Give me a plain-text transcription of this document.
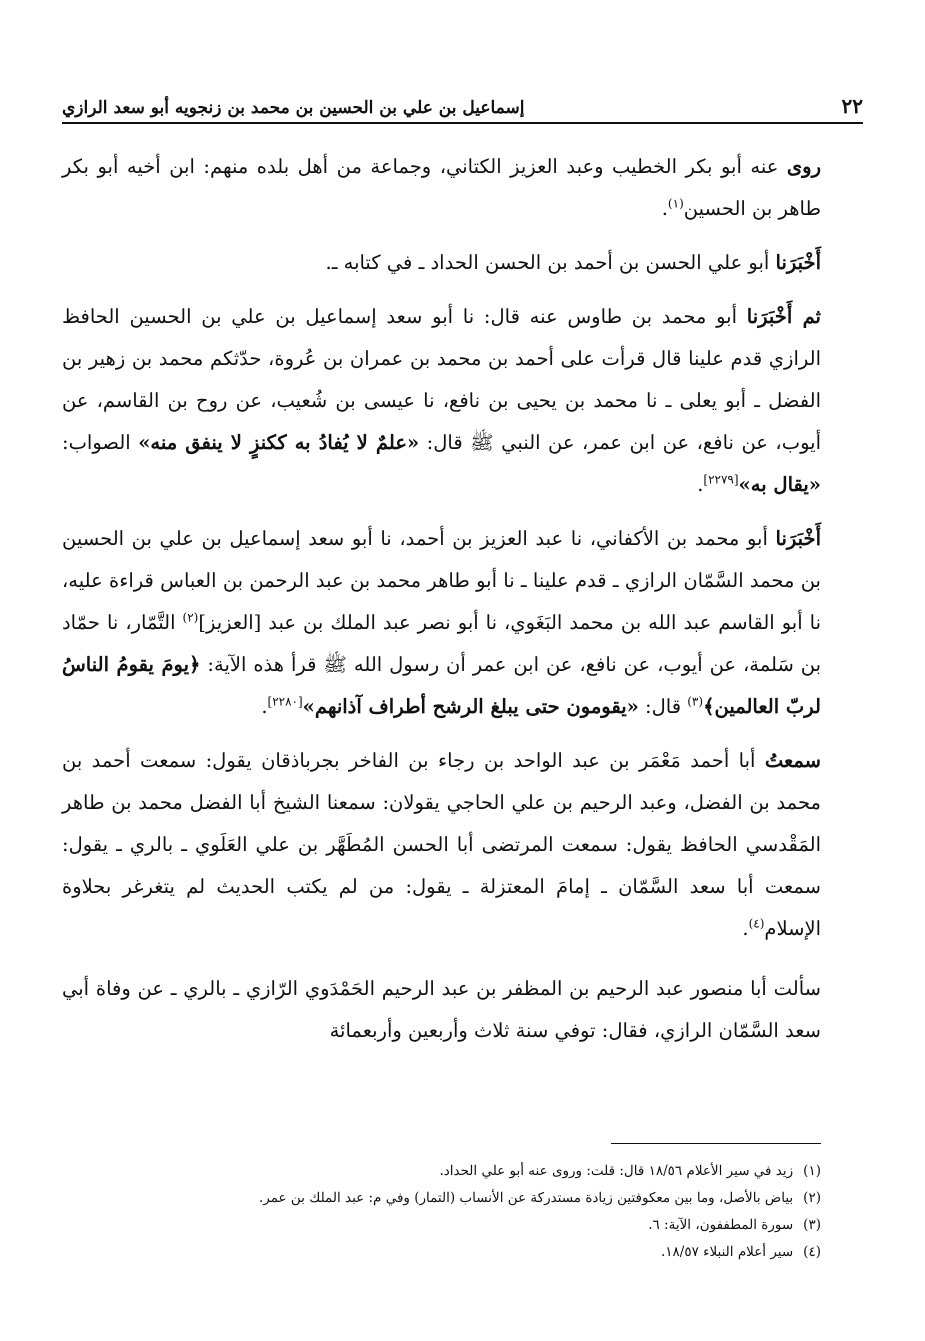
٢٢
إسماعيل بن علي بن الحسين بن محمد بن زنجويه أبو سعد الرازي

روى عنه أبو بكر الخطيب وعبد العزيز الكتاني، وجماعة من أهل بلده منهم: ابن أخيه أبو بكر طاهر بن الحسين$^{(١)}$.

أَخْبَرَنا أبو علي الحسن بن أحمد بن الحسن الحداد ـ في كتابه ـ.

ثم أَخْبَرَنا أبو محمد بن طاوس عنه قال: نا أبو سعد إسماعيل بن علي بن الحسين الحافظ الرازي قدم علينا قال قرأت على أحمد بن محمد بن عمران بن عُروة، حدّثكم محمد بن زهير بن الفضل ـ أبو يعلى ـ نا محمد بن يحيى بن نافع، نا عيسى بن شُعيب، عن روح بن القاسم، عن أيوب، عن نافع، عن ابن عمر، عن النبي ﷺ قال: «علمٌ لا يُفادُ به ككنزٍ لا ينفق منه» الصواب: «يقال به»[٢٢٧٩].

أَخْبَرَنا أبو محمد بن الأكفاني، نا عبد العزيز بن أحمد، نا أبو سعد إسماعيل بن علي بن الحسين بن محمد السَّمّان الرازي ـ قدم علينا ـ نا أبو طاهر محمد بن عبد الرحمن بن العباس قراءة عليه، نا أبو القاسم عبد الله بن محمد البَغَوي، نا أبو نصر عبد الملك بن عبد [العزيز]$^{(٢)}$ التَّمّار، نا حمّاد بن سَلمة، عن أيوب، عن نافع، عن ابن عمر أن رسول الله ﷺ قرأ هذه الآية: ﴿يومَ يقومُ الناسُ لربّ العالمين﴾$^{(٣)}$ قال: «يقومون حتى يبلغ الرشح أطراف آذانهم»[٢٢٨٠].

سمعتُ أبا أحمد مَعْمَر بن عبد الواحد بن رجاء بن الفاخر بجرباذقان يقول: سمعت أحمد بن محمد بن الفضل، وعبد الرحيم بن علي الحاجي يقولان: سمعنا الشيخ أبا الفضل محمد بن طاهر المَقْدسي الحافظ يقول: سمعت المرتضى أبا الحسن المُطَهَّر بن علي العَلَوي ـ بالري ـ يقول: سمعت أبا سعد السَّمّان ـ إمامَ المعتزلة ـ يقول: من لم يكتب الحديث لم يتغرغر بحلاوة الإسلام$^{(٤)}$.

سألت أبا منصور عبد الرحيم بن المظفر بن عبد الرحيم الحَمْدَوي الرّازي ـ بالري ـ عن وفاة أبي سعد السَّمّان الرازي، فقال: توفي سنة ثلاث وأربعين وأربعمائة

(١)
زيد في سير الأعلام ١٨/٥٦ قال: قلت: وروى عنه أبو علي الحداد.
(٢)
بياض بالأصل، وما بين معكوفتين زيادة مستدركة عن الأنساب (التمار) وفي م: عبد الملك بن عمر.
(٣)
سورة المطففون، الآية: ٦.
(٤)
سير أعلام النبلاء ١٨/٥٧.
